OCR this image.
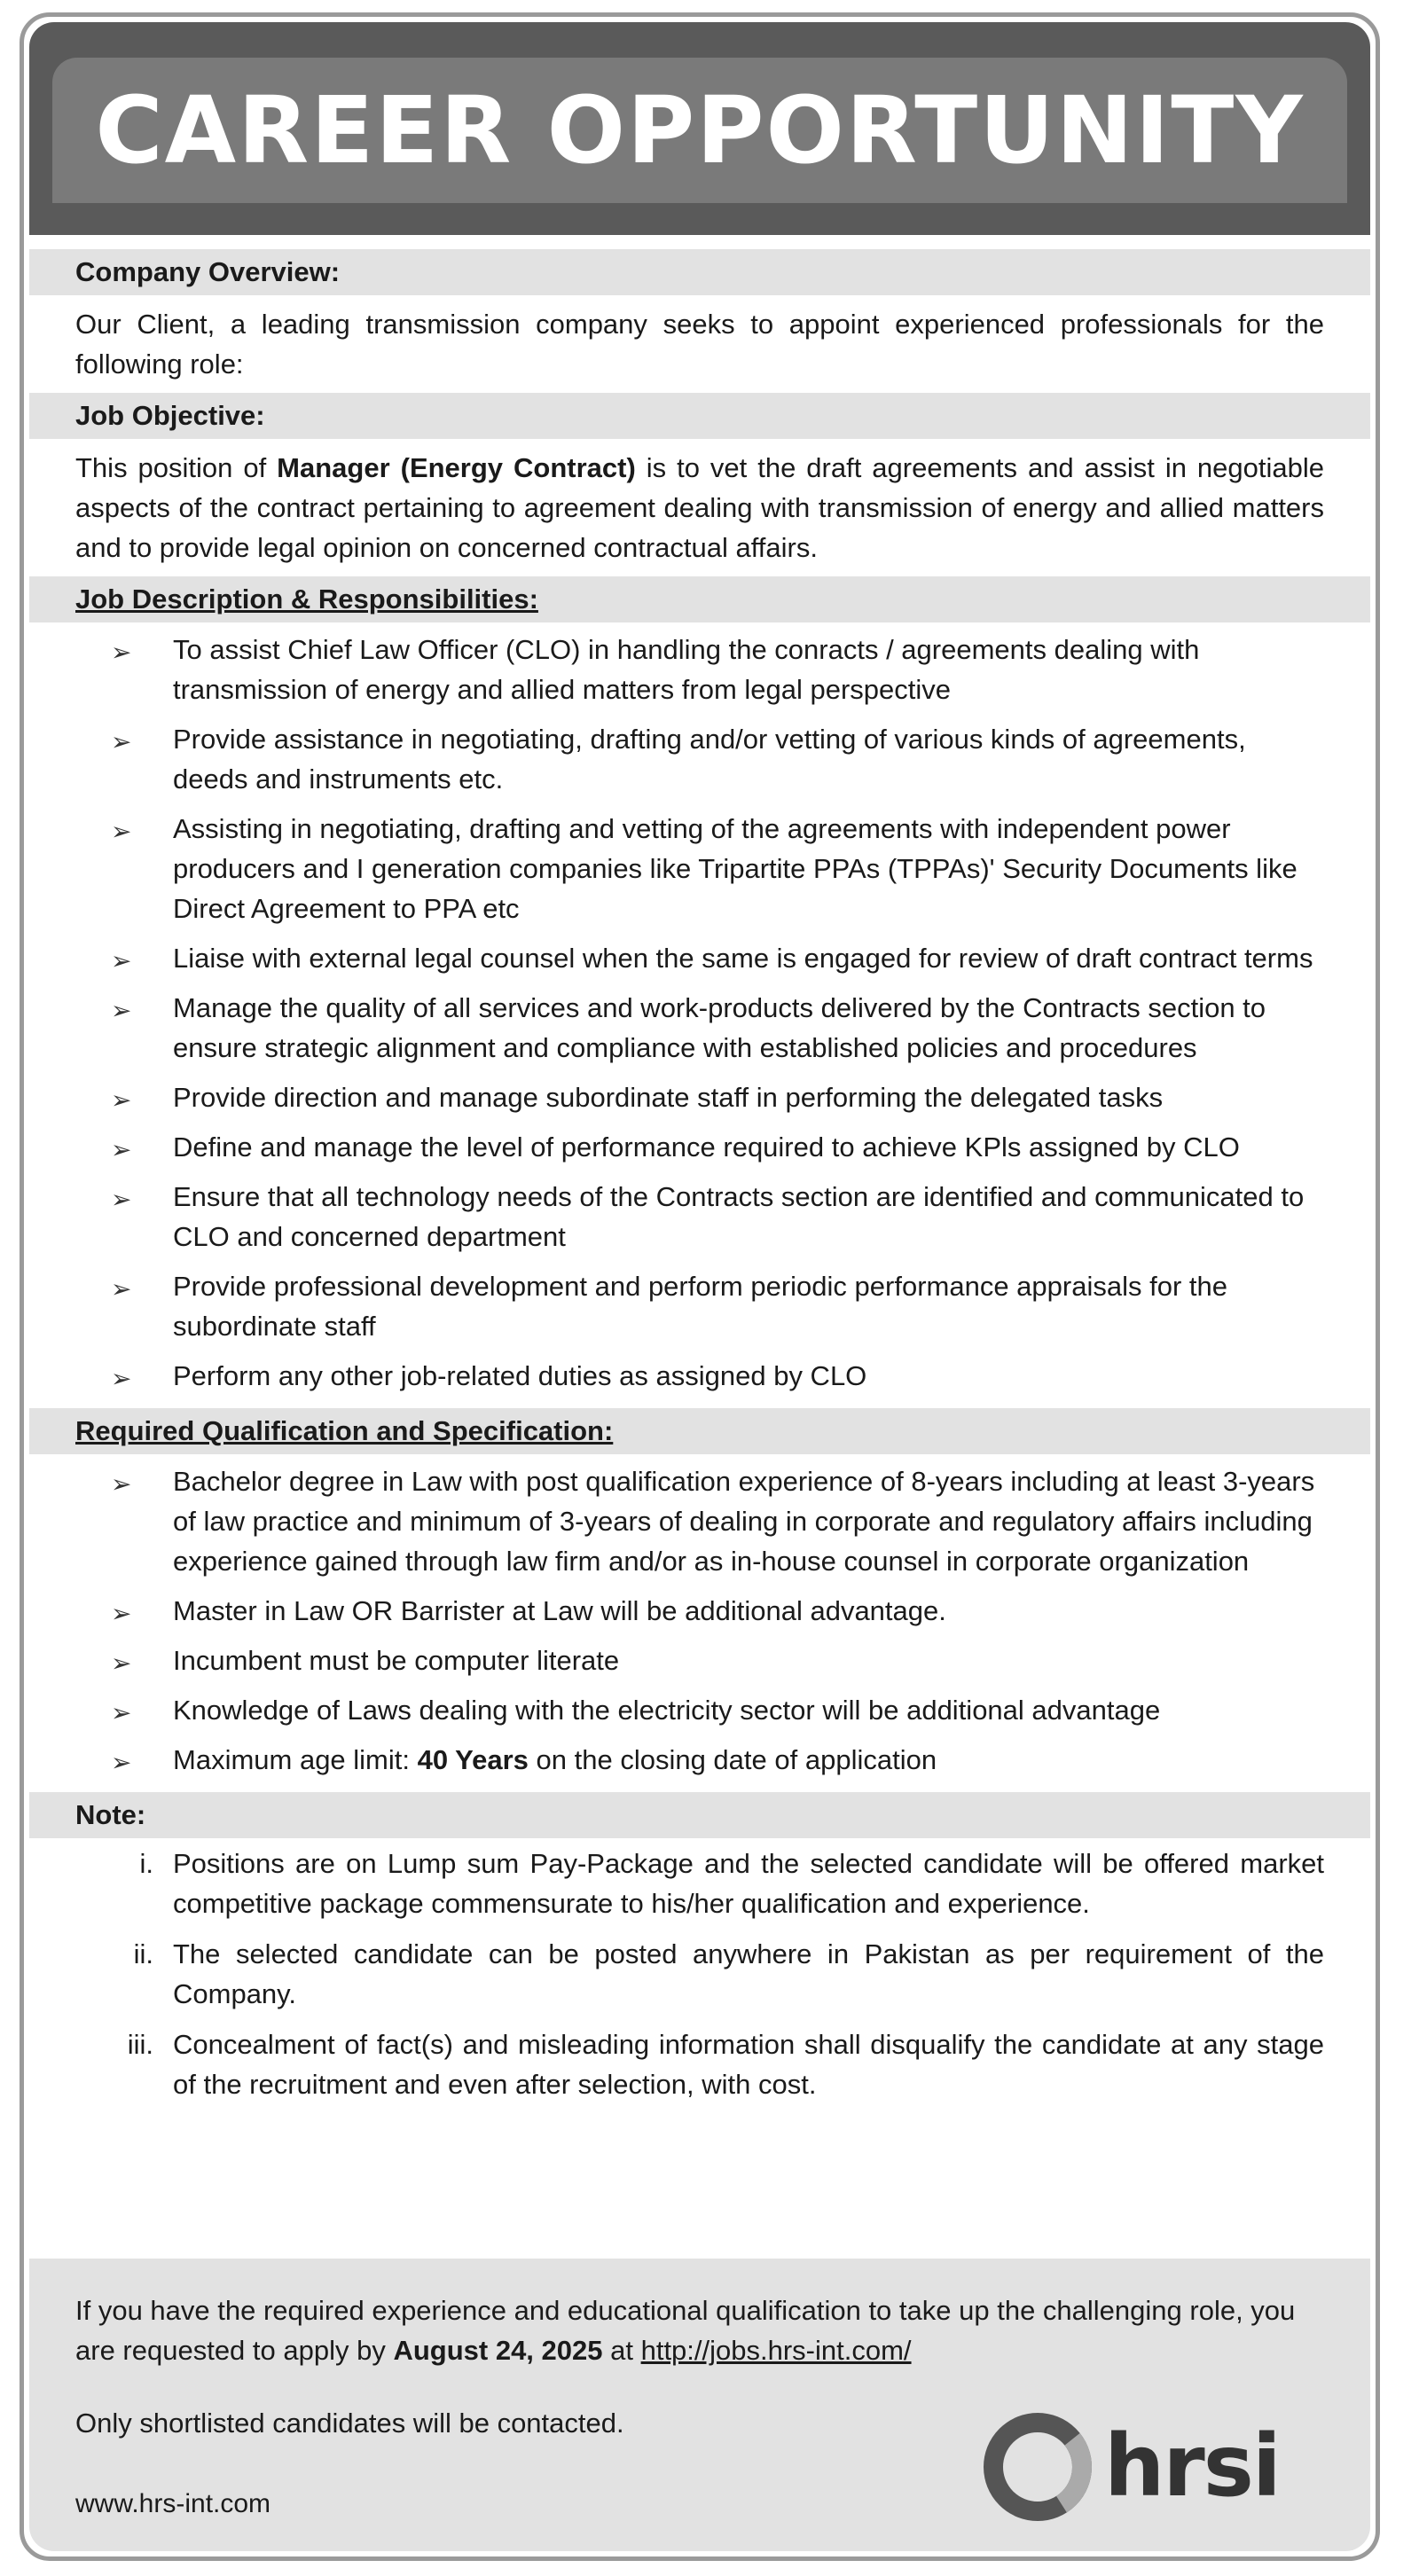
CAREER OPPORTUNITY
Company Overview:
Our Client, a leading transmission company seeks to appoint experienced professionals for the following role:
Job Objective:
This position of Manager (Energy Contract) is to vet the draft agreements and assist in negotiable aspects of the contract pertaining to agreement dealing with transmission of energy and allied matters and to provide legal opinion on concerned contractual affairs.
Job Description & Responsibilities:
➢ To assist Chief Law Officer (CLO) in handling the conracts / agreements dealing with transmission of energy and allied matters from legal perspective
➢ Provide assistance in negotiating, drafting and/or vetting of various kinds of agreements, deeds and instruments etc.
➢ Assisting in negotiating, drafting and vetting of the agreements with independent power producers and I generation companies like Tripartite PPAs (TPPAs)' Security Documents like Direct Agreement to PPA etc
➢ Liaise with external legal counsel when the same is engaged for review of draft contract terms
➢ Manage the quality of all services and work-products delivered by the Contracts section to ensure strategic alignment and compliance with established policies and procedures
➢ Provide direction and manage subordinate staff in performing the delegated tasks
➢ Define and manage the level of performance required to achieve KPls assigned by CLO
➢ Ensure that all technology needs of the Contracts section are identified and communicated to CLO and concerned department
➢ Provide professional development and perform periodic performance appraisals for the subordinate staff
➢ Perform any other job-related duties as assigned by CLO
Required Qualification and Specification:
➢ Bachelor degree in Law with post qualification experience of 8-years including at least 3-years of law practice and minimum of 3-years of dealing in corporate and regulatory affairs including experience gained through law firm and/or as in-house counsel in corporate organization
➢ Master in Law OR Barrister at Law will be additional advantage.
➢ Incumbent must be computer literate
➢ Knowledge of Laws dealing with the electricity sector will be additional advantage
➢ Maximum age limit: 40 Years on the closing date of application
Note:
i. Positions are on Lump sum Pay-Package and the selected candidate will be offered market competitive package commensurate to his/her qualification and experience.
ii. The selected candidate can be posted anywhere in Pakistan as per requirement of the Company.
iii. Concealment of fact(s) and misleading information shall disqualify the candidate at any stage of the recruitment and even after selection, with cost.
If you have the required experience and educational qualification to take up the challenging role, you are requested to apply by August 24, 2025 at http://jobs.hrs-int.com/
Only shortlisted candidates will be contacted.
www.hrs-int.com	hrsi
